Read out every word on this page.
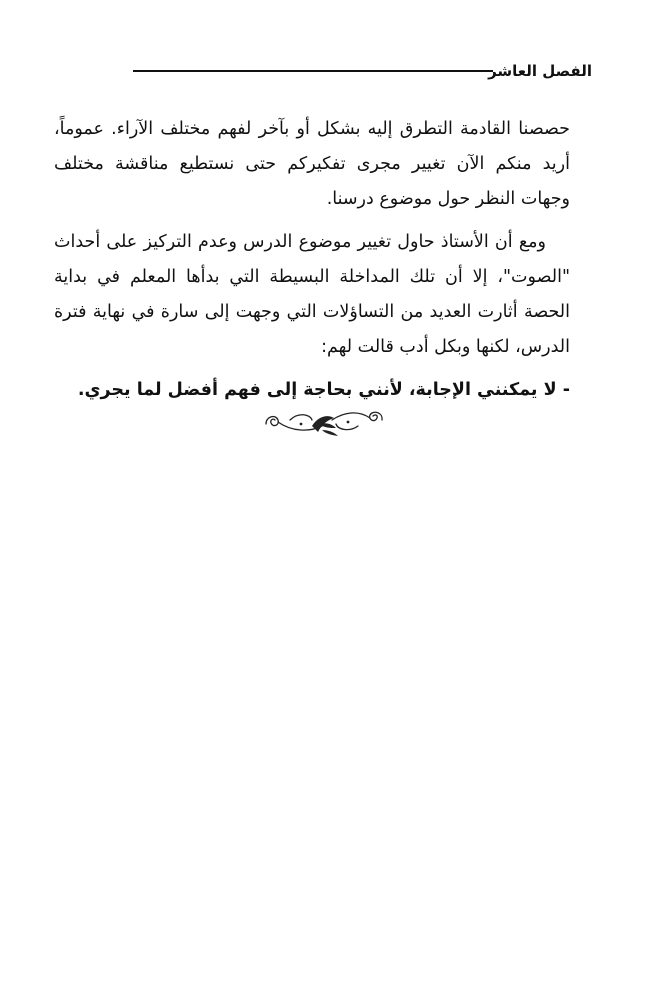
الفصل العاشر

حصصنا القادمة التطرق إليه بشكل أو بآخر لفهم مختلف الآراء. عموماً، أريد منكم الآن تغيير مجرى تفكيركم حتى نستطيع مناقشة مختلف وجهات النظر حول موضوع درسنا.

ومع أن الأستاذ حاول تغيير موضوع الدرس وعدم التركيز على أحداث "الصوت"، إلا أن تلك المداخلة البسيطة التي بدأها المعلم في بداية الحصة أثارت العديد من التساؤلات التي وجهت إلى سارة في نهاية فترة الدرس، لكنها وبكل أدب قالت لهم:

- لا يمكنني الإجابة، لأنني بحاجة إلى فهم أفضل لما يجري.
